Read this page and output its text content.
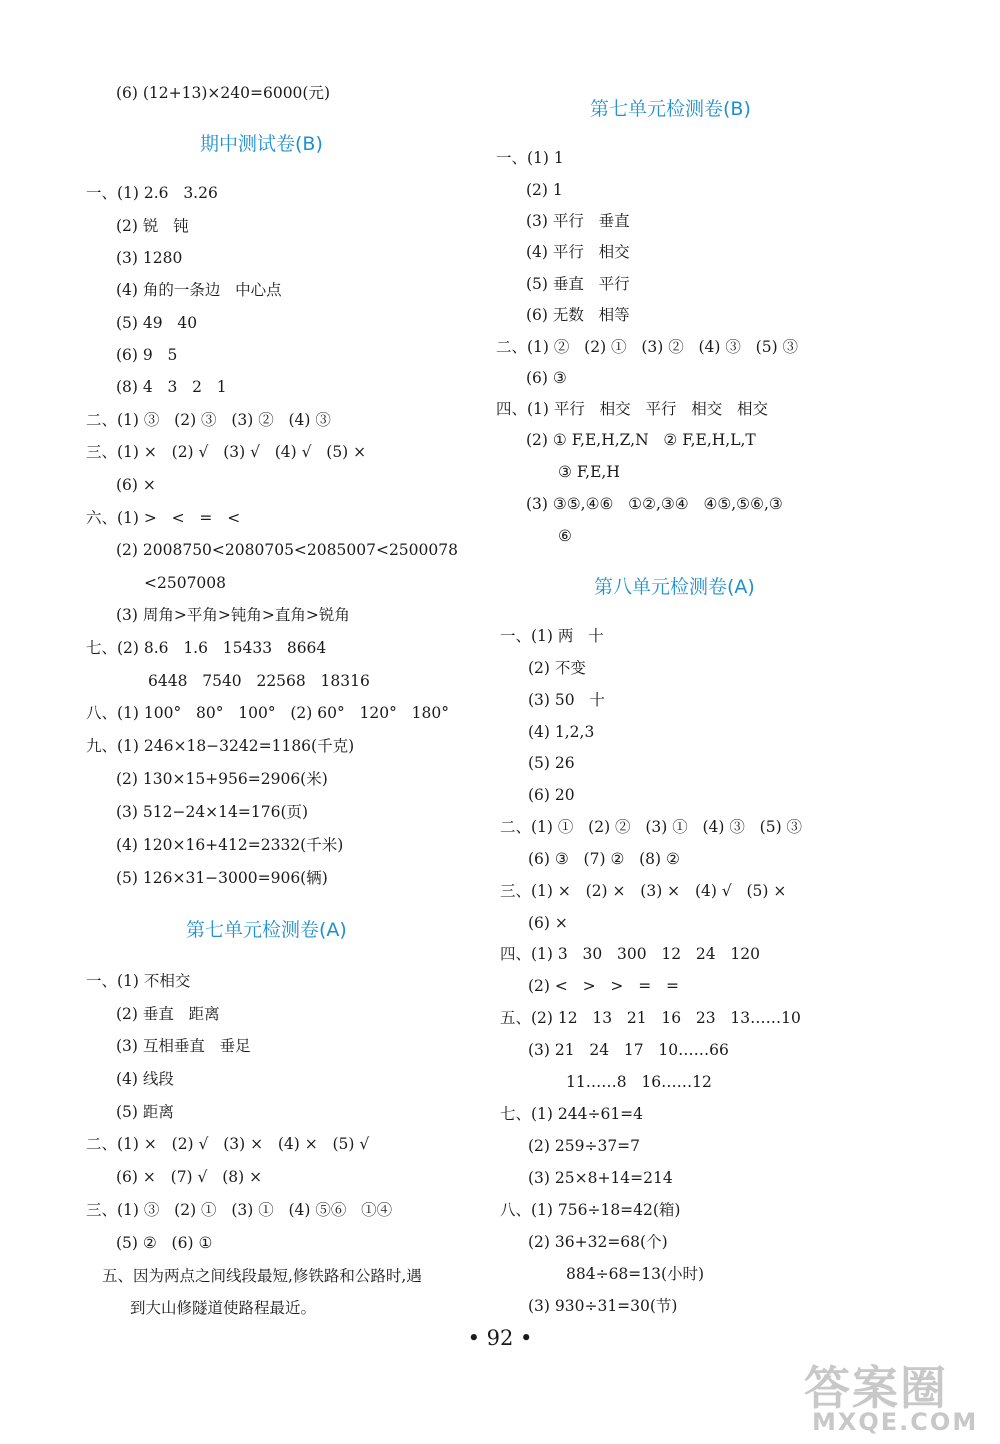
(6) (12+13)×240=6000(元)
期中测试卷(B)
一、(1) 2.6   3.26
(2) 锐   钝
(3) 1280
(4) 角的一条边   中心点
(5) 49   40
(6) 9   5
(8) 4   3   2   1
二、(1) ③   (2) ③   (3) ②   (4) ③
三、(1) ×   (2) √   (3) √   (4) √   (5) ×
(6) ×
六、(1) >   <   =   <
(2) 2008750<2080705<2085007<2500078
<2507008
(3) 周角>平角>钝角>直角>锐角
七、(2) 8.6   1.6   15433   8664
6448   7540   22568   18316
八、(1) 100°   80°   100°   (2) 60°   120°   180°
九、(1) 246×18−3242=1186(千克)
(2) 130×15+956=2906(米)
(3) 512−24×14=176(页)
(4) 120×16+412=2332(千米)
(5) 126×31−3000=906(辆)
第七单元检测卷(A)
一、(1) 不相交
(2) 垂直   距离
(3) 互相垂直   垂足
(4) 线段
(5) 距离
二、(1) ×   (2) √   (3) ×   (4) ×   (5) √
(6) ×   (7) √   (8) ×
三、(1) ③   (2) ①   (3) ①   (4) ⑤⑥   ①④
(5) ②   (6) ①
五、因为两点之间线段最短,修铁路和公路时,遇
到大山修隧道使路程最近。
第七单元检测卷(B)
一、(1) 1
(2) 1
(3) 平行   垂直
(4) 平行   相交
(5) 垂直   平行
(6) 无数   相等
二、(1) ②   (2) ①   (3) ②   (4) ③   (5) ③
(6) ③
四、(1) 平行   相交   平行   相交   相交
(2) ① F,E,H,Z,N   ② F,E,H,L,T
③ F,E,H
(3) ③⑤,④⑥   ①②,③④   ④⑤,⑤⑥,③
⑥
第八单元检测卷(A)
一、(1) 两   十
(2) 不变
(3) 50   十
(4) 1,2,3
(5) 26
(6) 20
二、(1) ①   (2) ②   (3) ①   (4) ③   (5) ③
(6) ③   (7) ②   (8) ②
三、(1) ×   (2) ×   (3) ×   (4) √   (5) ×
(6) ×
四、(1) 3   30   300   12   24   120
(2) <   >   >   =   =
五、(2) 12   13   21   16   23   13……10
(3) 21   24   17   10……66
11……8   16……12
七、(1) 244÷61=4
(2) 259÷37=7
(3) 25×8+14=214
八、(1) 756÷18=42(箱)
(2) 36+32=68(个)
884÷68=13(小时)
(3) 930÷31=30(节)
• 92 •
答案圈
MXQE.COM
